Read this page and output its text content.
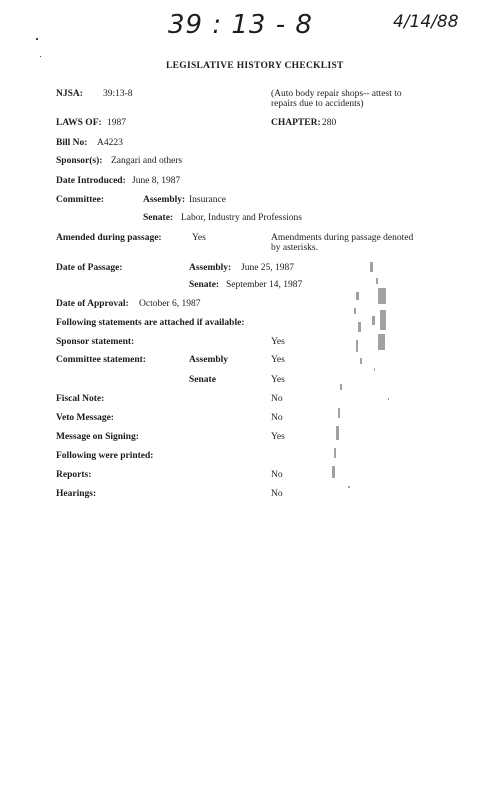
39 : 13 - 8	4/14/88
LEGISLATIVE HISTORY CHECKLIST
NJSA: 39:13-8	(Auto body repair shops-- attest to
repairs due to accidents)
LAWS OF: 1987	CHAPTER: 280
Bill No: A4223
Sponsor(s): Zangari and others
Date Introduced: June 8, 1987
Committee:	Assembly: Insurance
Senate: Labor, Industry and Professions
Amended during passage:	Yes	Amendments during passage denoted
by asterisks.
Date of Passage:	Assembly: June 25, 1987
Senate: September 14, 1987
Date of Approval: October 6, 1987
Following statements are attached if available:
Sponsor statement:	Yes
Committee statement:	Assembly	Yes
Senate	Yes
Fiscal Note:	No
Veto Message:	No
Message on Signing:	Yes
Following were printed:
Reports:	No
Hearings:	No
